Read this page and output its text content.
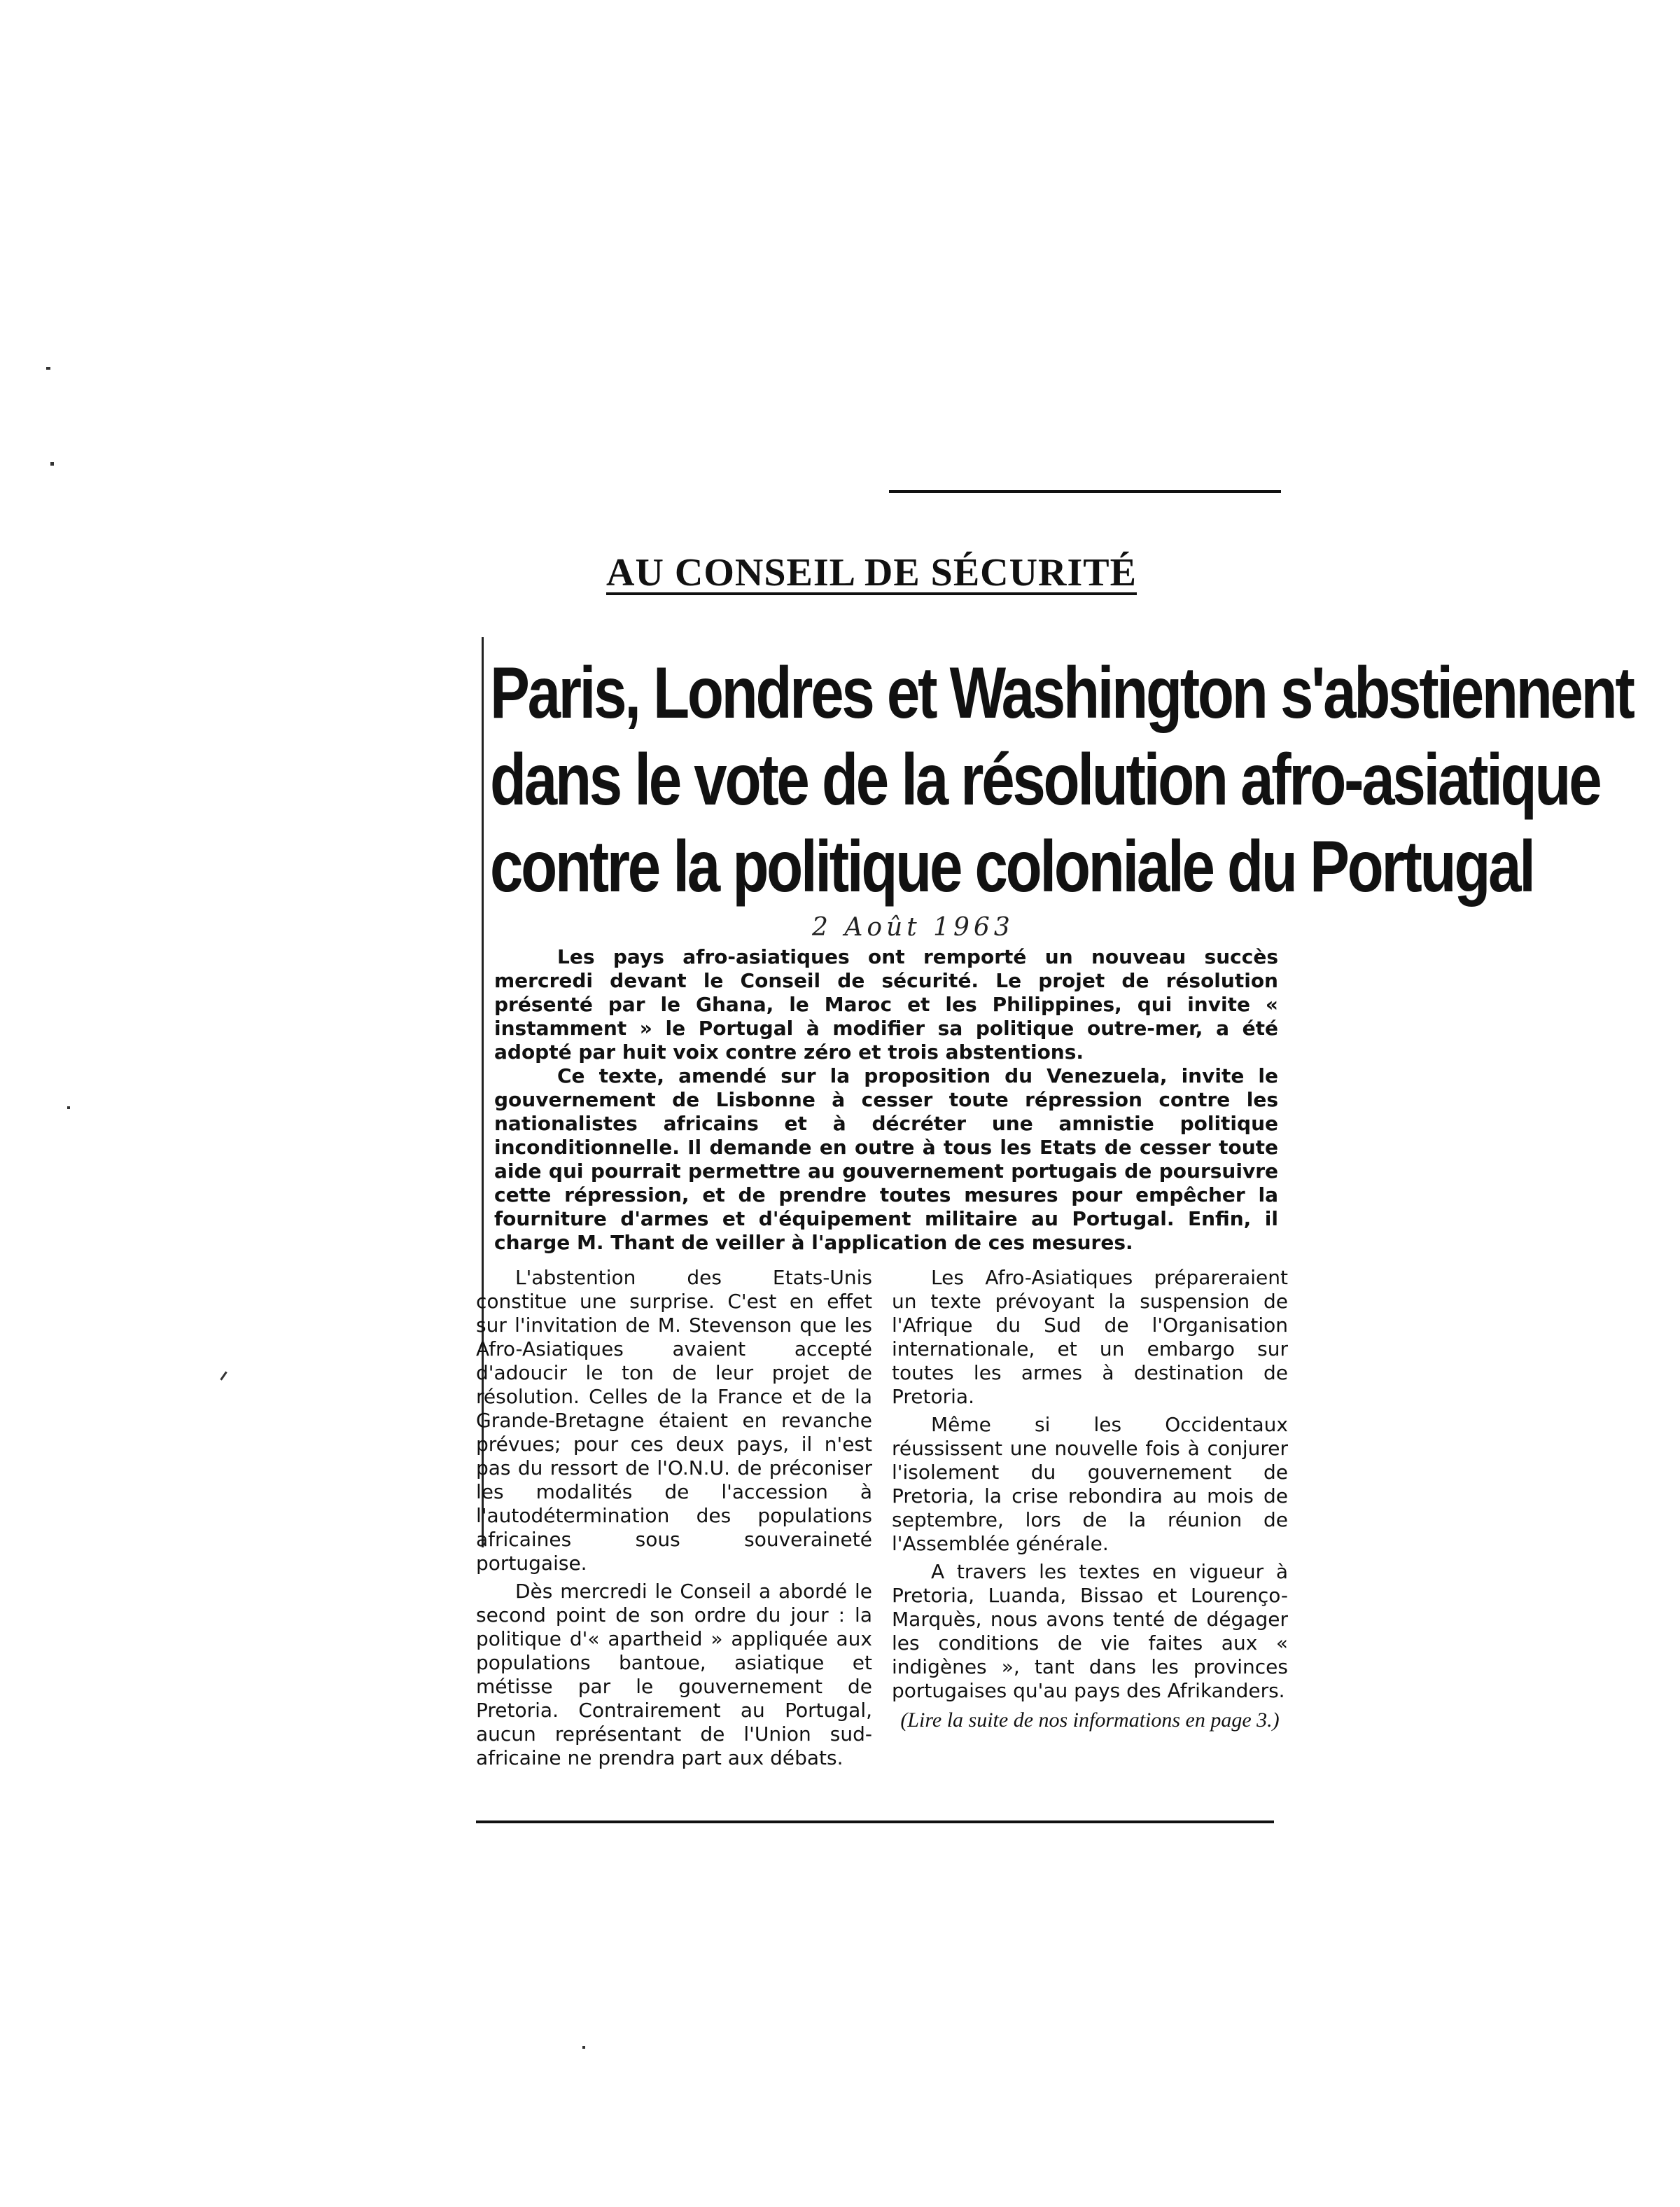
AU CONSEIL DE SÉCURITÉ
Paris, Londres et Washington s'abstiennent
dans le vote de la résolution afro-asiatique
contre la politique coloniale du Portugal
2 Août 1963

Les pays afro-asiatiques ont remporté un nouveau succès mercredi devant le Conseil de sécurité. Le projet de résolution présenté par le Ghana, le Maroc et les Philippines, qui invite « instamment » le Portugal à modifier sa politique outre-mer, a été adopté par huit voix contre zéro et trois abstentions.

Ce texte, amendé sur la proposition du Venezuela, invite le gouvernement de Lisbonne à cesser toute répression contre les nationalistes africains et à décréter une amnistie politique inconditionnelle. Il demande en outre à tous les Etats de cesser toute aide qui pourrait permettre au gouvernement portugais de poursuivre cette répression, et de prendre toutes mesures pour empêcher la fourniture d'armes et d'équipement militaire au Portugal. Enfin, il charge M. Thant de veiller à l'application de ces mesures.

L'abstention des Etats-Unis constitue une surprise. C'est en effet sur l'invitation de M. Stevenson que les Afro-Asiatiques avaient accepté d'adoucir le ton de leur projet de résolution. Celles de la France et de la Grande-Bretagne étaient en revanche prévues; pour ces deux pays, il n'est pas du ressort de l'O.N.U. de préconiser les modalités de l'accession à l'autodétermination des populations africaines sous souveraineté portugaise.

Dès mercredi le Conseil a abordé le second point de son ordre du jour : la politique d'« apartheid » appliquée aux populations bantoue, asiatique et métisse par le gouvernement de Pretoria. Contrairement au Portugal, aucun représentant de l'Union sud-africaine ne prendra part aux débats.

Les Afro-Asiatiques prépareraient un texte prévoyant la suspension de l'Afrique du Sud de l'Organisation internationale, et un embargo sur toutes les armes à destination de Pretoria.

Même si les Occidentaux réussissent une nouvelle fois à conjurer l'isolement du gouvernement de Pretoria, la crise rebondira au mois de septembre, lors de la réunion de l'Assemblée générale.

A travers les textes en vigueur à Pretoria, Luanda, Bissao et Lourenço-Marquès, nous avons tenté de dégager les conditions de vie faites aux « indigènes », tant dans les provinces portugaises qu'au pays des Afrikanders.

(Lire la suite de nos informations en page 3.)
